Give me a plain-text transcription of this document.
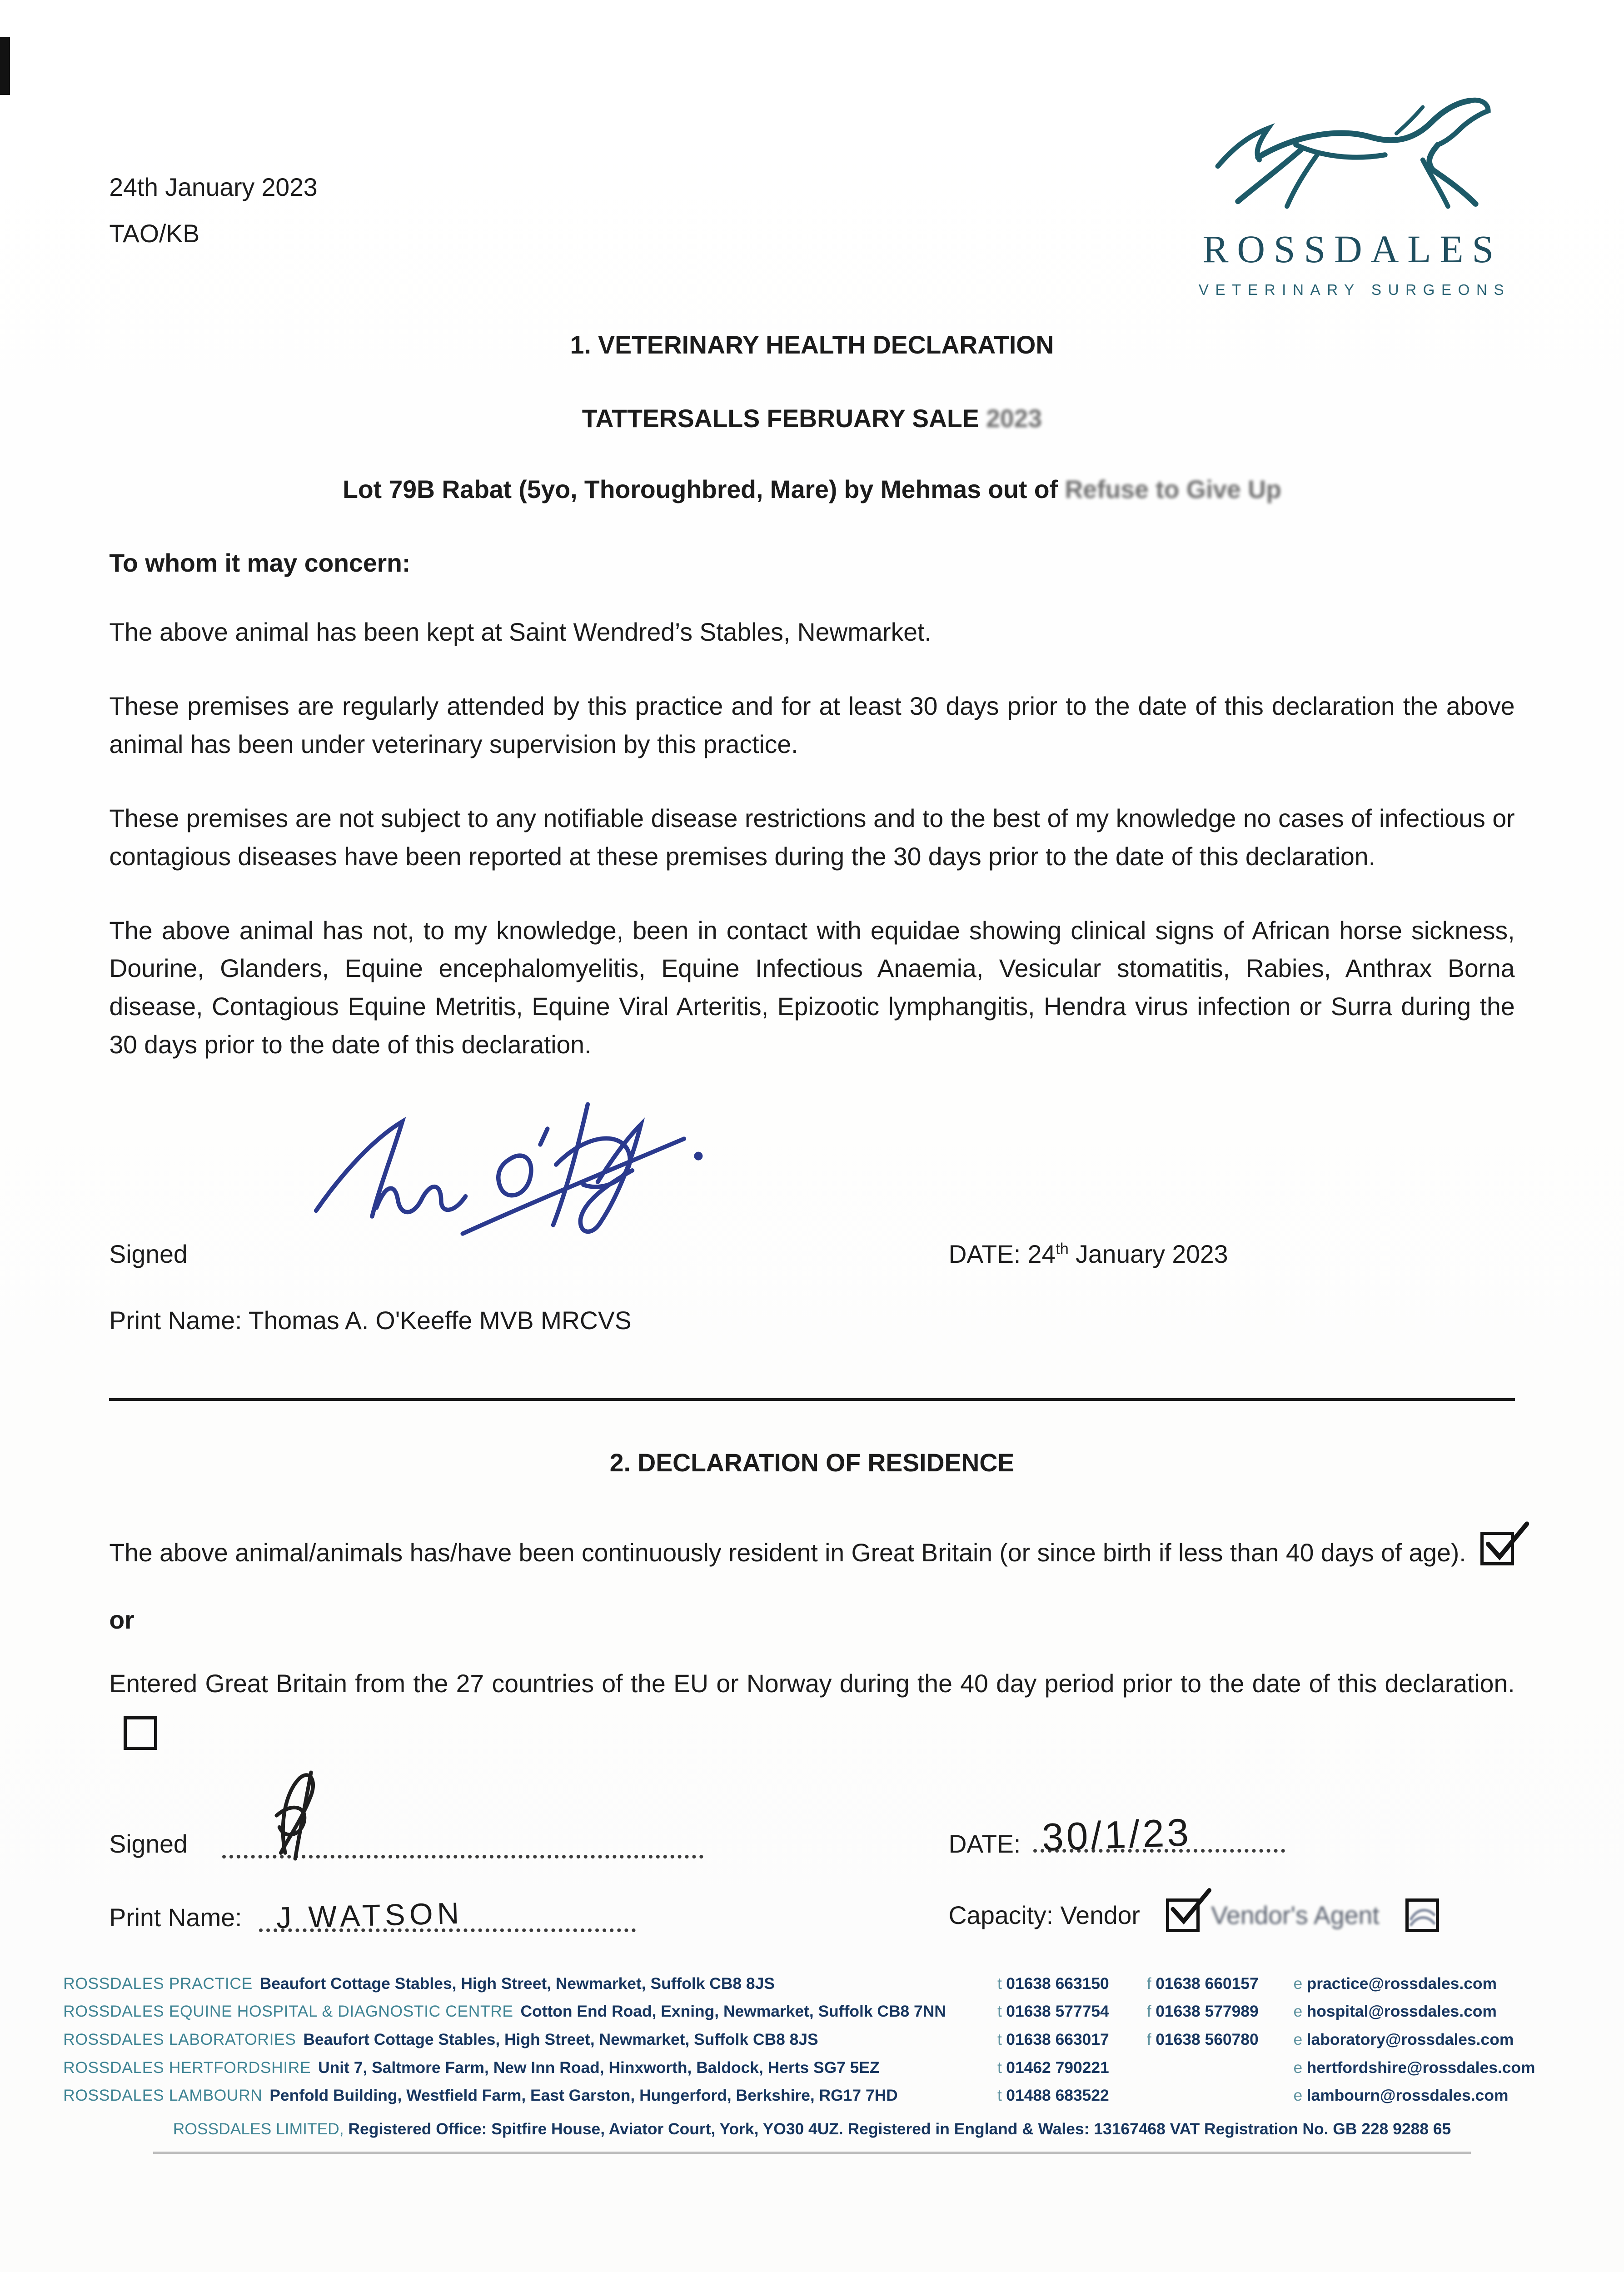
24th January 2023
TAO/KB	ROSSDALES
VETERINARY SURGEONS
1. VETERINARY HEALTH DECLARATION
TATTERSALLS FEBRUARY SALE 2023
Lot 79B Rabat (5yo, Thoroughbred, Mare) by Mehmas out of Refuse to Give Up

To whom it may concern:

The above animal has been kept at Saint Wendred’s Stables, Newmarket.

These premises are regularly attended by this practice and for at least 30 days prior to the date of this declaration the above animal has been under veterinary supervision by this practice.

These premises are not subject to any notifiable disease restrictions and to the best of my knowledge no cases of infectious or contagious diseases have been reported at these premises during the 30 days prior to the date of this declaration.

The above animal has not, to my knowledge, been in contact with equidae showing clinical signs of African horse sickness, Dourine, Glanders, Equine encephalomyelitis, Equine Infectious Anaemia, Vesicular stomatitis, Rabies, Anthrax Borna disease, Contagious Equine Metritis, Equine Viral Arteritis, Epizootic lymphangitis, Hendra virus infection or Surra during the 30 days prior to the date of this declaration.

Signed	DATE: 24th January 2023

Print Name: Thomas A. O'Keeffe MVB MRCVS

2. DECLARATION OF RESIDENCE

The above animal/animals has/have been continuously resident in Great Britain (or since birth if less than 40 days of age).

or

Entered Great Britain from the 27 countries of the EU or Norway during the 40 day period prior to the date of this declaration.

Signed	DATE: 30/1/23
Print Name:	J WATSON	Capacity: Vendor	Vendor's Agent
ROSSDALES PRACTICE Beaufort Cottage Stables, High Street, Newmarket, Suffolk CB8 8JS	t 01638 663150	f 01638 660157	e practice@rossdales.com
ROSSDALES EQUINE HOSPITAL & DIAGNOSTIC CENTRE Cotton End Road, Exning, Newmarket, Suffolk CB8 7NN	t 01638 577754	f 01638 577989	e hospital@rossdales.com
ROSSDALES LABORATORIES Beaufort Cottage Stables, High Street, Newmarket, Suffolk CB8 8JS	t 01638 663017	f 01638 560780	e laboratory@rossdales.com
ROSSDALES HERTFORDSHIRE Unit 7, Saltmore Farm, New Inn Road, Hinxworth, Baldock, Herts SG7 5EZ	t 01462 790221	e hertfordshire@rossdales.com
ROSSDALES LAMBOURN Penfold Building, Westfield Farm, East Garston, Hungerford, Berkshire, RG17 7HD	t 01488 683522	e lambourn@rossdales.com
ROSSDALES LIMITED, Registered Office: Spitfire House, Aviator Court, York, YO30 4UZ. Registered in England & Wales: 13167468 VAT Registration No. GB 228 9288 65
